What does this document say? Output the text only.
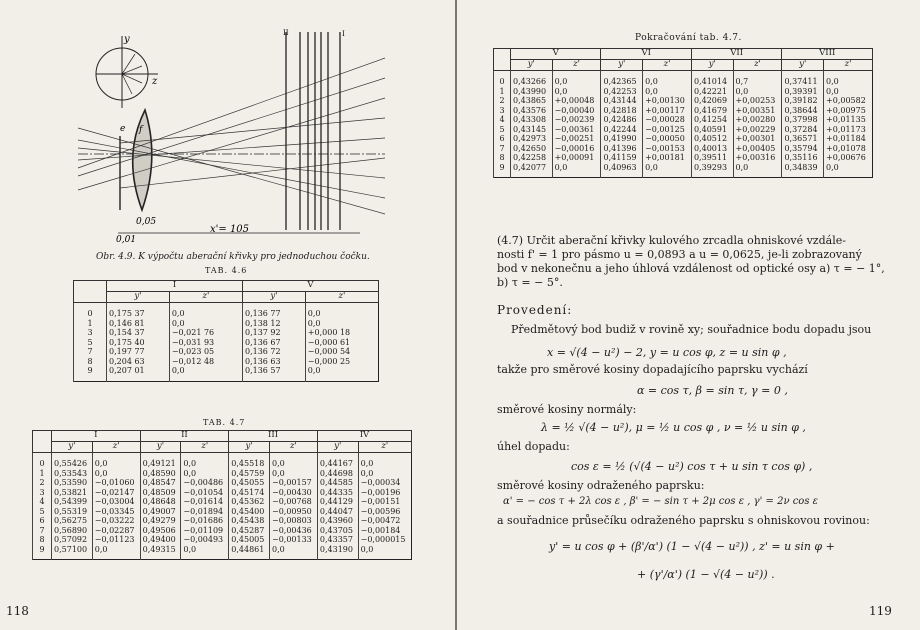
y
z
e f
II	I
0,01
0,05
x'= 105
Obr. 4.9. K výpočtu aberační křivky pro jednoduchou čočku.
TAB. 4.6
	I		V	
	y'	z'	y'	z'
0	0,175 37	0,0	0,136 77	0,0
1	0,146 81	0,0	0,138 12	0,0
3	0,154 37	−0,021 76	0,137 92	+0,000 18
5	0,175 40	−0,031 93	0,136 67	−0,000 61
7	0,197 77	−0,023 05	0,136 72	−0,000 54
8	0,204 63	−0,012 48	0,136 63	−0,000 25
9	0,207 01	0,0	0,136 57	0,0
TAB. 4.7
	I		II		III		IV	
	y'	z'	y'	z'	y'	z'	y'	z'
0	0,55426	0,0	0,49121	0,0	0,45518	0,0	0,44167	0,0
1	0,53543	0,0	0,48590	0,0	0,45759	0,0	0,44698	0,0
2	0,53590	−0,01060	0,48547	−0,00486	0,45055	−0,00157	0,44585	−0,00034
3	0,53821	−0,02147	0,48509	−0,01054	0,45174	−0,00430	0,44335	−0,00196
4	0,54399	−0,03004	0,48648	−0,01614	0,45362	−0,00768	0,44129	−0,00151
5	0,55319	−0,03345	0,49007	−0,01894	0,45400	−0,00950	0,44047	−0,00596
6	0,56275	−0,03222	0,49279	−0,01686	0,45438	−0,00803	0,43960	−0,00472
7	0,56890	−0,02287	0,49506	−0,01109	0,45287	−0,00436	0,43705	−0,00184
8	0,57092	−0,01123	0,49400	−0,00493	0,45005	−0,00133	0,43357	−0,000015
9	0,57100	0,0	0,49315	0,0	0,44861	0,0	0,43190	0,0
118
Pokračování tab. 4.7.
	V		VI		VII		VIII	
	y'	z'	y'	z'	y'	z'	y'	z'
0	0,43266	0,0	0,42365	0,0	0,41014	0,7	0,37411	0,0
1	0,43990	0,0	0,42253	0,0	0,42221	0,0	0,39391	0,0
2	0,43865	+0,00048	0,43144	+0,00130	0,42069	+0,00253	0,39182	+0,00582
3	0,43576	−0,00040	0,42818	+0,00117	0,41679	+0,00351	0,38644	+0,00975
4	0,43308	−0,00239	0,42486	−0,00028	0,41254	+0,00280	0,37998	+0,01135
5	0,43145	−0,00361	0,42244	−0,00125	0,40591	+0,00229	0,37284	+0,01173
6	0,42973	−0,00251	0,41990	−0,00050	0,40512	+0,00301	0,36571	+0,01184
7	0,42650	−0,00016	0,41396	−0,00153	0,40013	+0,00405	0,35794	+0,01078
8	0,42258	+0,00091	0,41159	+0,00181	0,39511	+0,00316	0,35116	+0,00676
9	0,42077	0,0	0,40963	0,0	0,39293	0,0	0,34839	0,0
(4.7) Určit aberační křivky kulového zrcadla ohniskové vzdále-
nosti f' = 1 pro pásmo u = 0,0893 a u = 0,0625, je-li zobrazovaný
bod v nekonečnu a jeho úhlová vzdálenost od optické osy a) τ = − 1°,
b) τ = − 5°.
Provedení:
Předmětový bod budiž v rovině xy; souřadnice bodu dopadu jsou
x = √(4 − u²) − 2, y = u cos φ, z = u sin φ ,
takže pro směrové kosiny dopadajícího paprsku vychází
α = cos τ, β = sin τ, γ = 0 ,
směrové kosiny normály:
λ = ½ √(4 − u²), μ = ½ u cos φ , ν = ½ u sin φ ,
úhel dopadu:
cos ε = ½ (√(4 − u²) cos τ + u sin τ cos φ) ,
směrové kosiny odraženého paprsku:
α' = − cos τ + 2λ cos ε , β' = − sin τ + 2μ cos ε , γ' = 2ν cos ε
a souřadnice průsečíku odraženého paprsku s ohniskovou rovinou:
y' = u cos φ + (β'/α') (1 − √(4 − u²)) , z' = u sin φ +
+ (γ'/α') (1 − √(4 − u²)) .
119
